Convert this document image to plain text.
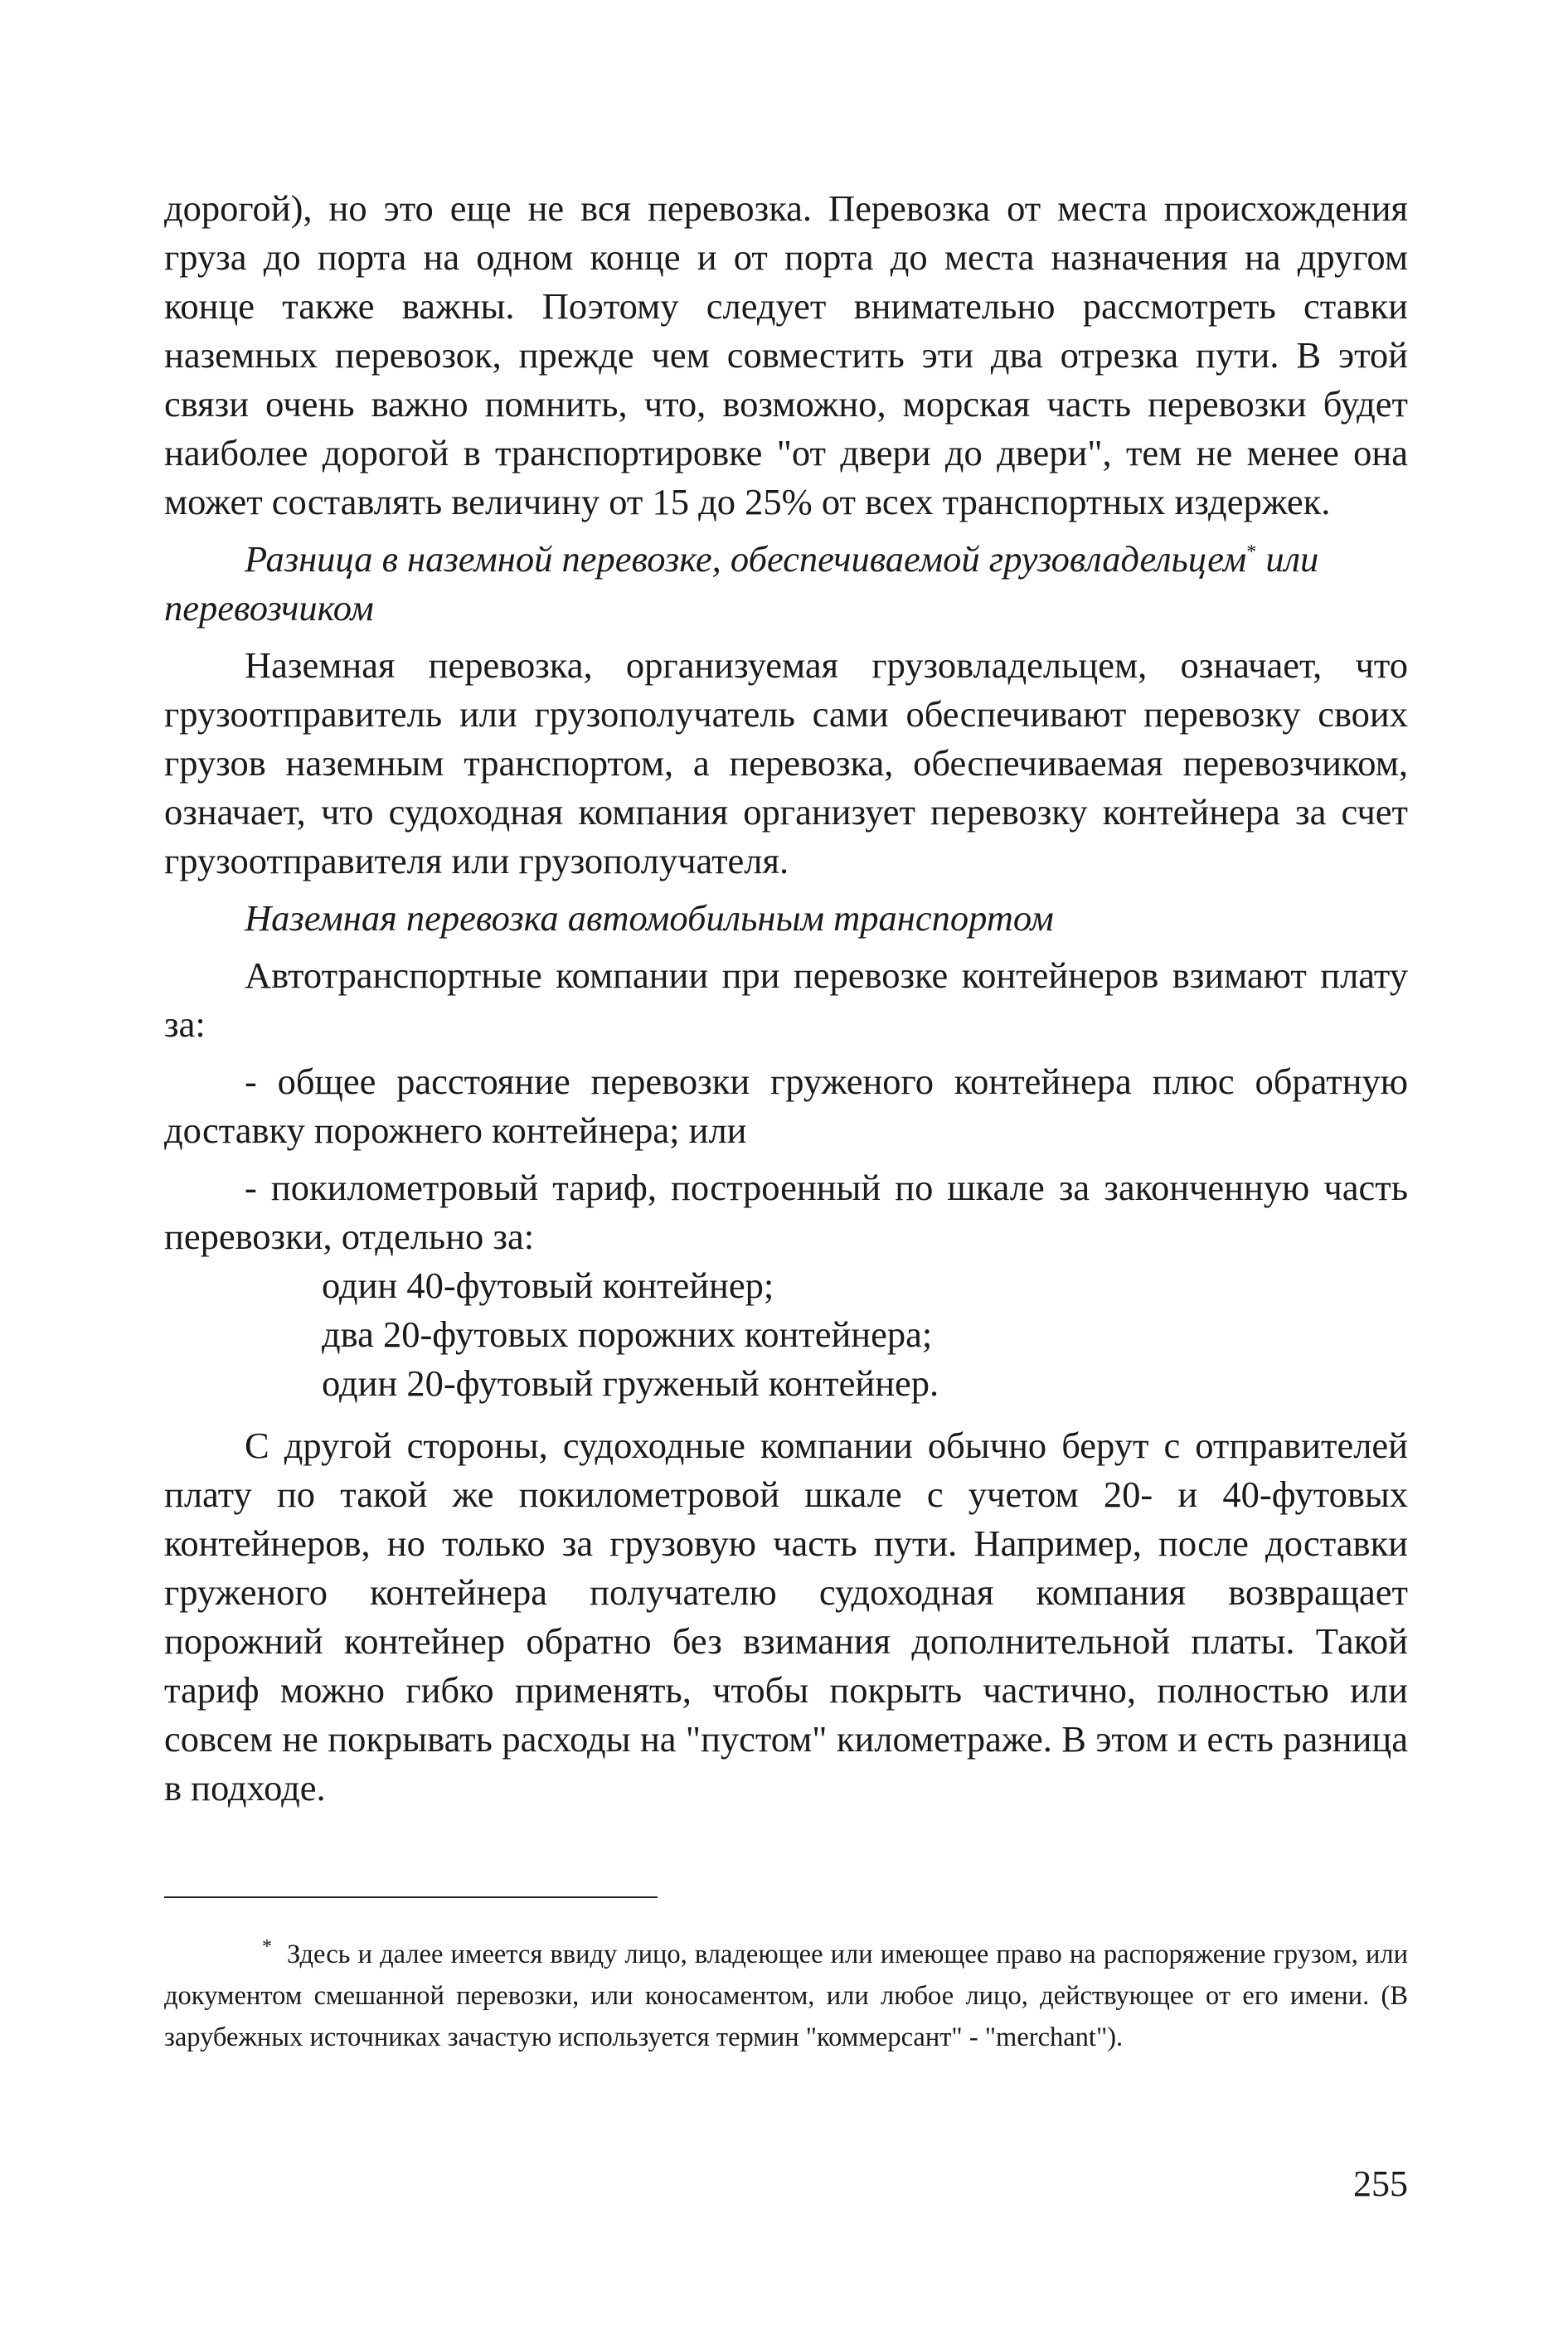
дорогой), но это еще не вся перевозка. Перевозка от места происхождения груза до порта на одном конце и от порта до места назначения на другом конце также важны. Поэтому следует внимательно рассмотреть ставки наземных перевозок, прежде чем совместить эти два отрезка пути. В этой связи очень важно помнить, что, возможно, морская часть перевозки будет наиболее дорогой в транспортировке "от двери до двери", тем не менее она может составлять величину от 15 до 25% от всех транспортных издержек.

Разница в наземной перевозке, обеспечиваемой грузовладельцем* или перевозчиком

Наземная перевозка, организуемая грузовладельцем, означает, что грузоотправитель или грузополучатель сами обеспечивают перевозку своих грузов наземным транспортом, а перевозка, обеспечиваемая перевозчиком, означает, что судоходная компания организует перевозку контейнера за счет грузоотправителя или грузополучателя.

Наземная перевозка автомобильным транспортом

Автотранспортные компании при перевозке контейнеров взимают плату за:

- общее расстояние перевозки груженого контейнера плюс обратную доставку порожнего контейнера; или

- покилометровый тариф, построенный по шкале за законченную часть перевозки, отдельно за:

один 40-футовый контейнер;
два 20-футовых порожних контейнера;
один 20-футовый груженый контейнер.

С другой стороны, судоходные компании обычно берут с отправителей плату по такой же покилометровой шкале с учетом 20- и 40-футовых контейнеров, но только за грузовую часть пути. Например, после доставки груженого контейнера получателю судоходная компания возвращает порожний контейнер обратно без взимания дополнительной платы. Такой тариф можно гибко применять, чтобы покрыть частично, полностью или совсем не покрывать расходы на "пустом" километраже. В этом и есть разница в подходе.

* Здесь и далее имеется ввиду лицо, владеющее или имеющее право на распоряжение грузом, или документом смешанной перевозки, или коносаментом, или любое лицо, действующее от его имени. (В зарубежных источниках зачастую используется термин "коммерсант" - "merchant").

255
